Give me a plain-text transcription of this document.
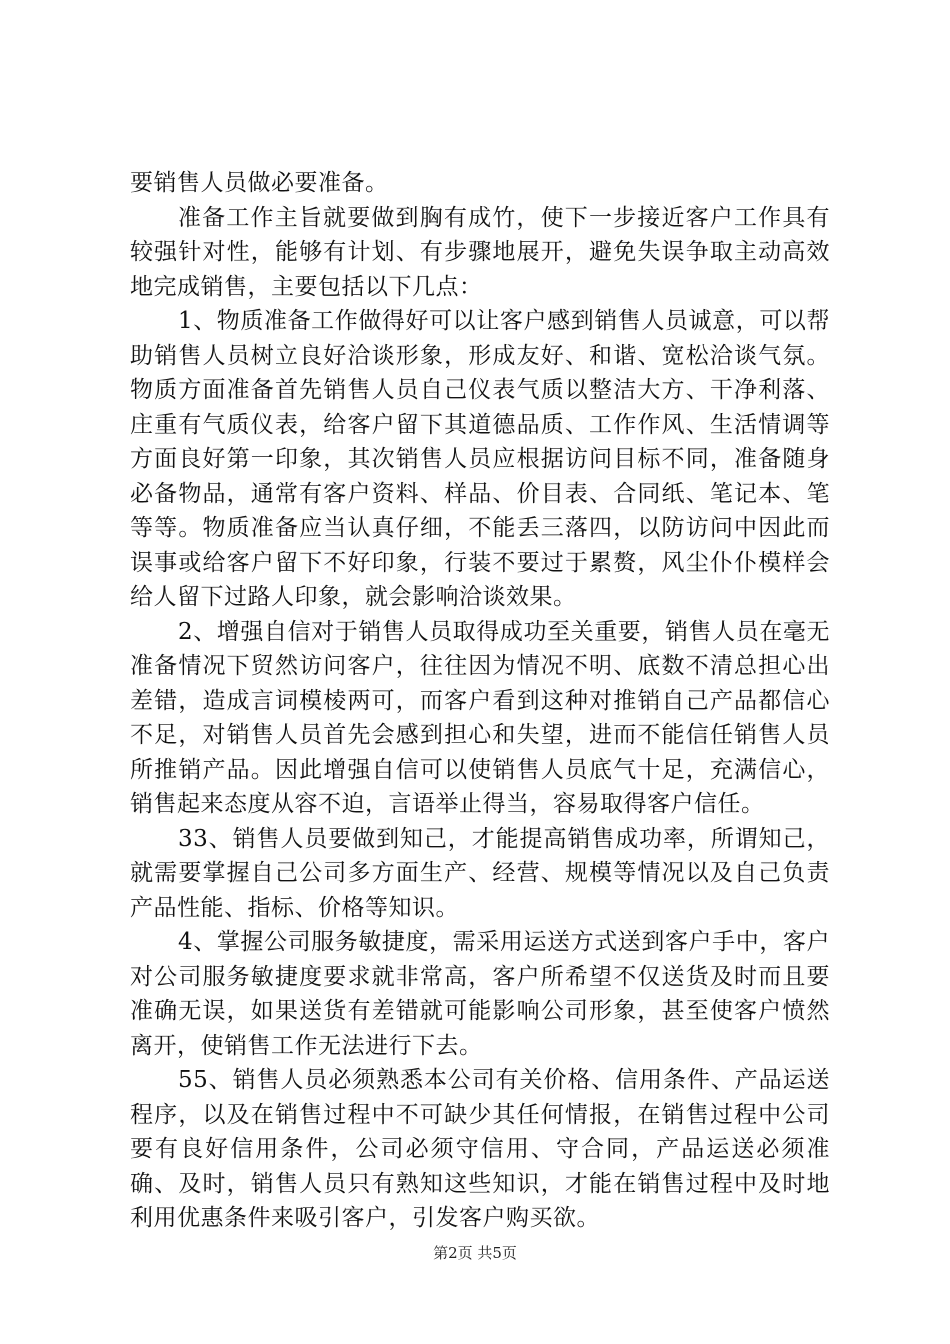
要销售人员做必要准备。

准备工作主旨就要做到胸有成竹，使下一步接近客户工作具有较强针对性，能够有计划、有步骤地展开，避免失误争取主动高效地完成销售，主要包括以下几点：

1、物质准备工作做得好可以让客户感到销售人员诚意，可以帮助销售人员树立良好洽谈形象，形成友好、和谐、宽松洽谈气氛。物质方面准备首先销售人员自己仪表气质以整洁大方、干净利落、庄重有气质仪表，给客户留下其道德品质、工作作风、生活情调等方面良好第一印象，其次销售人员应根据访问目标不同，准备随身必备物品，通常有客户资料、样品、价目表、合同纸、笔记本、笔等等。物质准备应当认真仔细，不能丢三落四，以防访问中因此而误事或给客户留下不好印象，行装不要过于累赘，风尘仆仆模样会给人留下过路人印象，就会影响洽谈效果。

2、增强自信对于销售人员取得成功至关重要，销售人员在毫无准备情况下贸然访问客户，往往因为情况不明、底数不清总担心出差错，造成言词模棱两可，而客户看到这种对推销自己产品都信心不足，对销售人员首先会感到担心和失望，进而不能信任销售人员所推销产品。因此增强自信可以使销售人员底气十足，充满信心，销售起来态度从容不迫，言语举止得当，容易取得客户信任。

33、销售人员要做到知己，才能提高销售成功率，所谓知己，就需要掌握自己公司多方面生产、经营、规模等情况以及自己负责产品性能、指标、价格等知识。

4、掌握公司服务敏捷度，需采用运送方式送到客户手中，客户对公司服务敏捷度要求就非常高，客户所希望不仅送货及时而且要准确无误，如果送货有差错就可能影响公司形象，甚至使客户愤然离开，使销售工作无法进行下去。

55、销售人员必须熟悉本公司有关价格、信用条件、产品运送程序，以及在销售过程中不可缺少其任何情报，在销售过程中公司要有良好信用条件，公司必须守信用、守合同，产品运送必须准确、及时，销售人员只有熟知这些知识，才能在销售过程中及时地利用优惠条件来吸引客户，引发客户购买欲。

第2页 共5页
